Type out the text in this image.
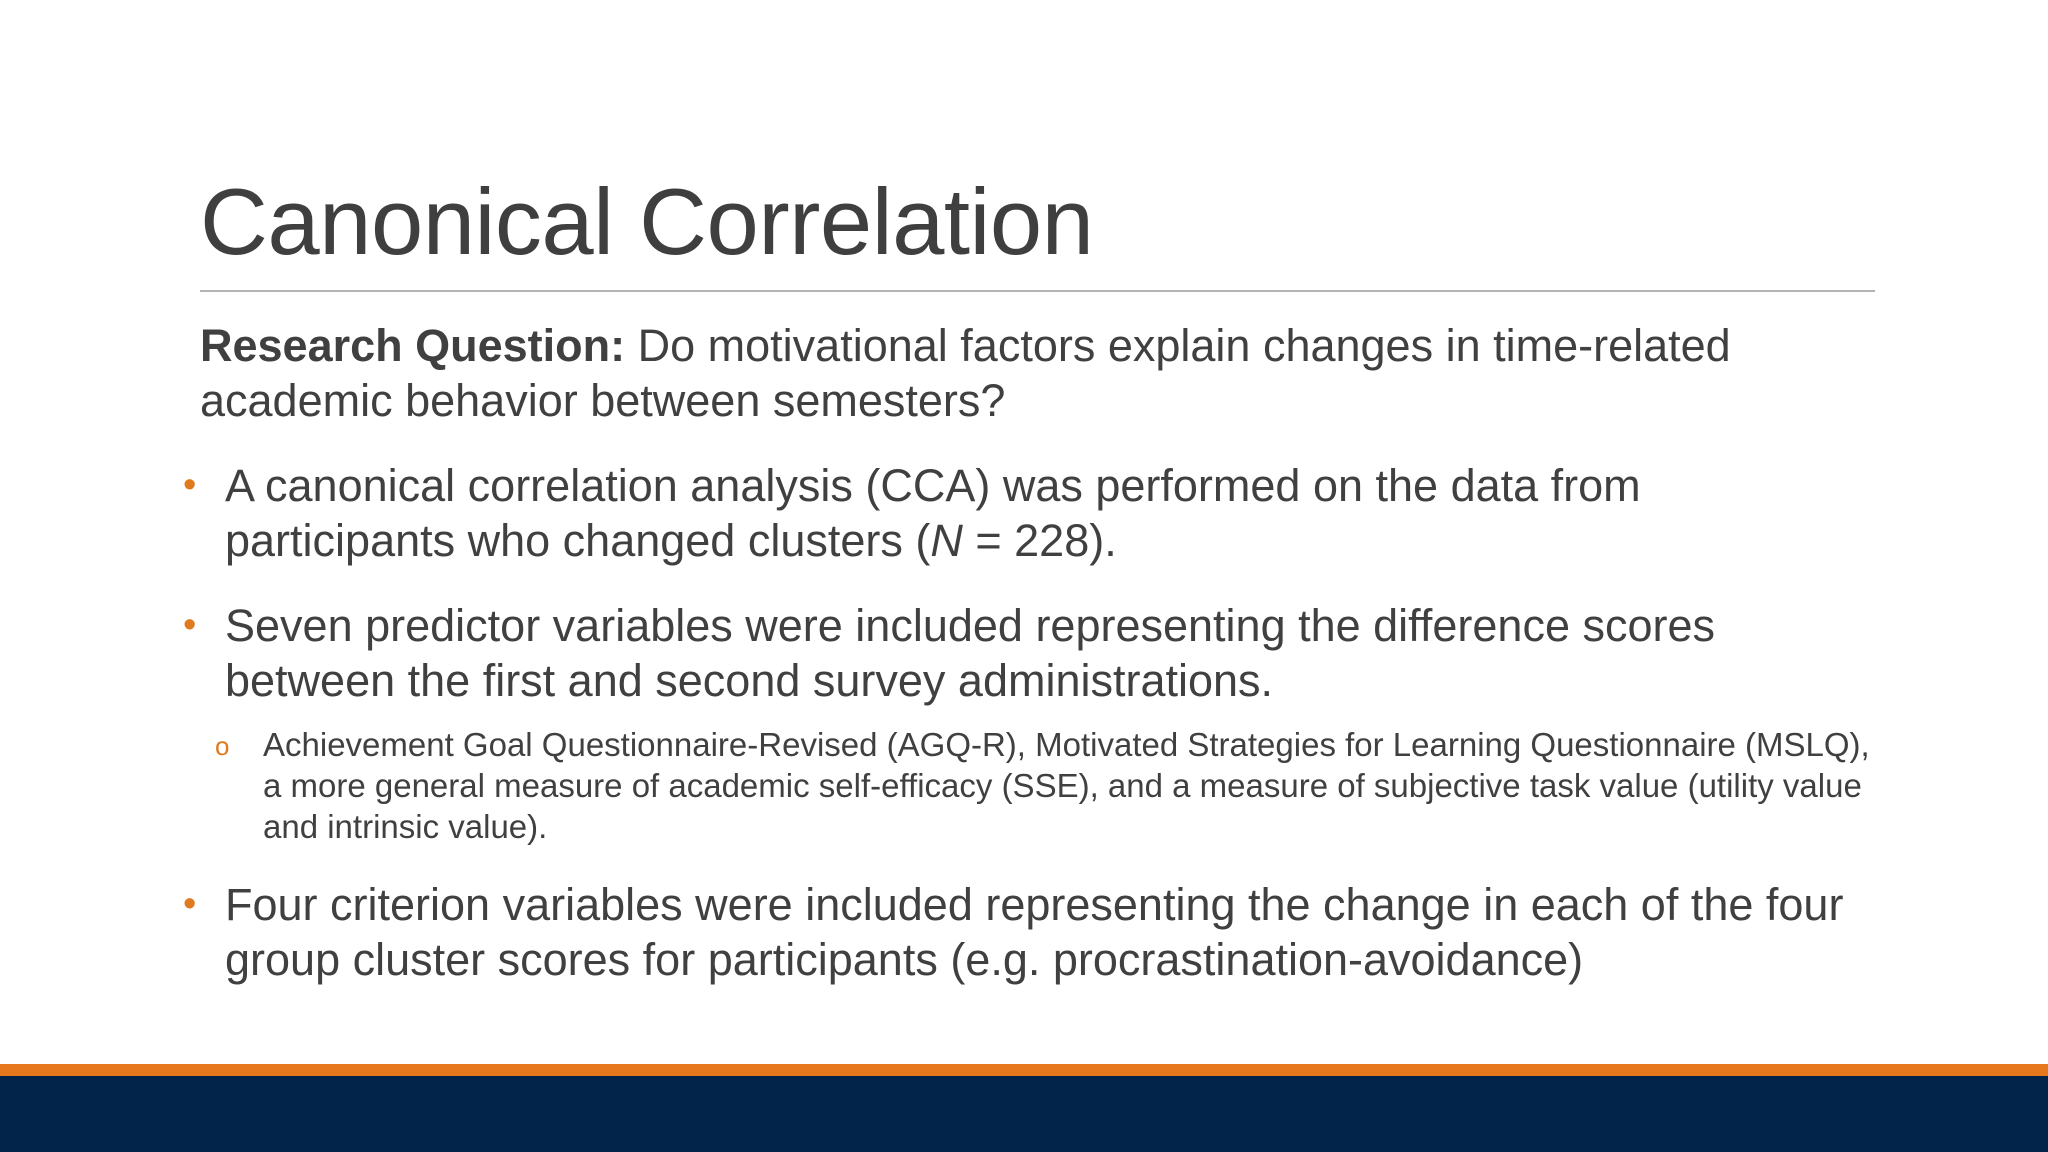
Canonical Correlation

Research Question: Do motivational factors explain changes in time-related academic behavior between semesters?

• A canonical correlation analysis (CCA) was performed on the data from participants who changed clusters (N = 228).
• Seven predictor variables were included representing the difference scores between the first and second survey administrations.
o Achievement Goal Questionnaire-Revised (AGQ-R), Motivated Strategies for Learning Questionnaire (MSLQ), a more general measure of academic self-efficacy (SSE), and a measure of subjective task value (utility value and intrinsic value).
• Four criterion variables were included representing the change in each of the four group cluster scores for participants (e.g. procrastination-avoidance)
